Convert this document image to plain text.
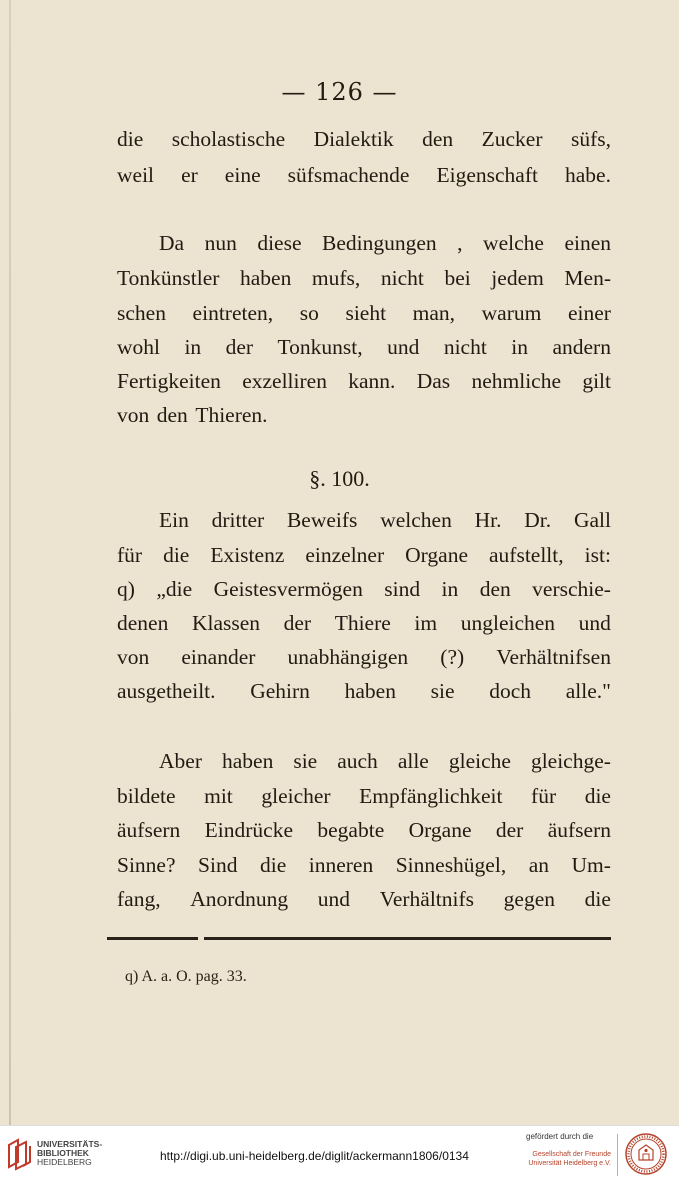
— 126 —
die scholastische Dialektik den Zucker süfs,
weil er eine süfsmachende Eigenschaft habe.
Da nun diese Bedingungen , welche einen
Tonkünstler haben mufs, nicht bei jedem Men-
schen eintreten, so sieht man, warum einer
wohl in der Tonkunst, und nicht in andern
Fertigkeiten exzelliren kann. Das nehmliche gilt
von den Thieren.
Ein dritter Beweifs welchen Hr. Dr. Gall
für die Existenz einzelner Organe aufstellt, ist:
q) „die Geistesvermögen sind in den verschie-
denen Klassen der Thiere im ungleichen und
von einander unabhängigen (?) Verhältnifsen
ausgetheilt. Gehirn haben sie doch alle."
Aber haben sie auch alle gleiche gleichge-
bildete mit gleicher Empfänglichkeit für die
äufsern Eindrücke begabte Organe der äufsern
Sinne? Sind die inneren Sinneshügel, an Um-
fang, Anordnung und Verhältnifs gegen die
§. 100.
q) A. a. O. pag. 33.
UNIVERSITÄTS-
BIBLIOTHEK
HEIDELBERG	http://digi.ub.uni-heidelberg.de/diglit/ackermann1806/0134
gefördert durch die
Gesellschaft der Freunde
Universität Heidelberg e.V.
